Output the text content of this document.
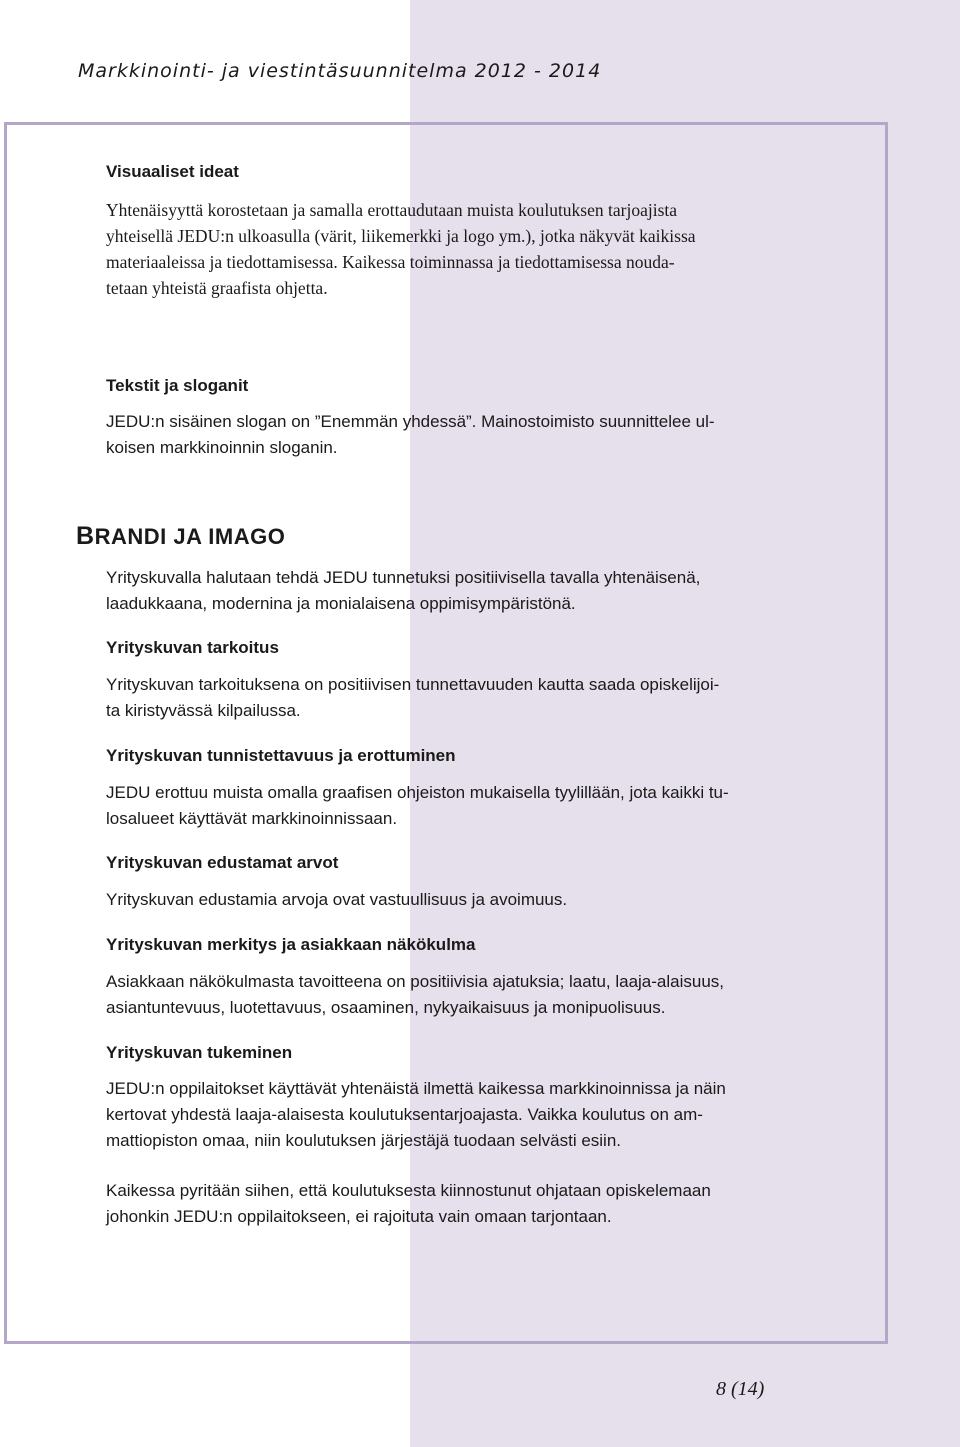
Markkinointi- ja viestintäsuunnitelma 2012 - 2014
Visuaaliset ideat
Yhtenäisyyttä korostetaan ja samalla erottaudutaan muista koulutuksen tarjoajista
yhteisellä JEDU:n ulkoasulla (värit, liikemerkki ja logo ym.), jotka näkyvät kaikissa
materiaaleissa ja tiedottamisessa. Kaikessa toiminnassa ja tiedottamisessa nouda-
tetaan yhteistä graafista ohjetta.
Tekstit ja sloganit
JEDU:n sisäinen slogan on ”Enemmän yhdessä”. Mainostoimisto suunnittelee ul-
koisen markkinoinnin sloganin.
BRANDI JA IMAGO
Yrityskuvalla halutaan tehdä JEDU tunnetuksi positiivisella tavalla yhtenäisenä,
laadukkaana, modernina ja monialaisena oppimisympäristönä.
Yrityskuvan tarkoitus
Yrityskuvan tarkoituksena on positiivisen tunnettavuuden kautta saada opiskelijoi-
ta kiristyvässä kilpailussa.
Yrityskuvan tunnistettavuus ja erottuminen
JEDU erottuu muista omalla graafisen ohjeiston mukaisella tyylillään, jota kaikki tu-
losalueet käyttävät markkinoinnissaan.
Yrityskuvan edustamat arvot
Yrityskuvan edustamia arvoja ovat vastuullisuus ja avoimuus.
Yrityskuvan merkitys ja asiakkaan näkökulma
Asiakkaan näkökulmasta tavoitteena on positiivisia ajatuksia; laatu, laaja-alaisuus,
asiantuntevuus, luotettavuus, osaaminen, nykyaikaisuus ja monipuolisuus.
Yrityskuvan tukeminen
JEDU:n oppilaitokset käyttävät yhtenäistä ilmettä kaikessa markkinoinnissa ja näin
kertovat yhdestä laaja-alaisesta koulutuksentarjoajasta. Vaikka koulutus on am-
mattiopiston omaa, niin koulutuksen järjestäjä tuodaan selvästi esiin.
Kaikessa pyritään siihen, että koulutuksesta kiinnostunut ohjataan opiskelemaan
johonkin JEDU:n oppilaitokseen, ei rajoituta vain omaan tarjontaan.
8 (14)
